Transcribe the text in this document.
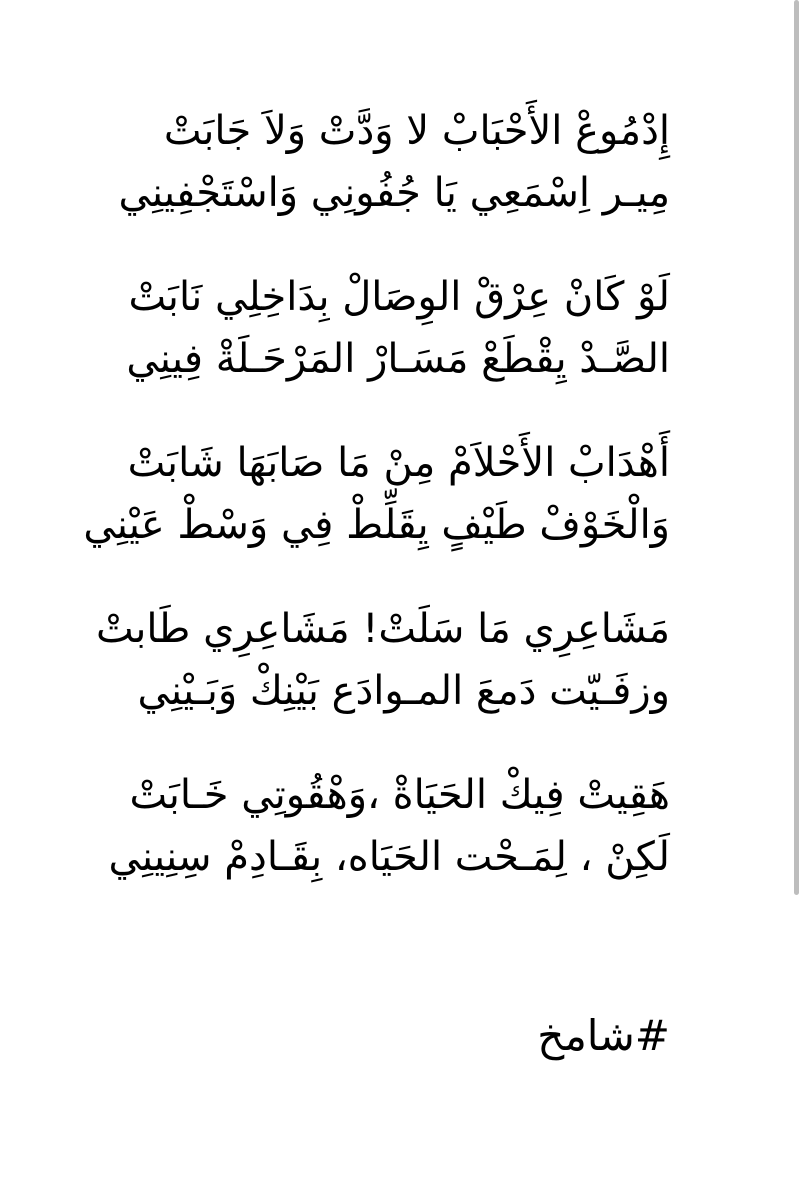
إِدْمُوعْ الأَحْبَابْ لا وَدَّتْ وَلاَ جَابَتْ
مِيـر اِسْمَعِي يَا جُفُونِي وَاسْتَجْفِينِي
لَوْ كَانْ عِرْقْ الوِصَالْ بِدَاخِلِي نَابَتْ
الصَّـدْ يِقْطَعْ مَسَـارْ المَرْحَـلَةْ فِينِي
أَهْدَابْ الأَحْلاَمْ مِنْ مَا صَابَهَا شَابَتْ
وَالْخَوْفْ طَيْفٍ يِقَلِّطْ فِي وَسْطْ عَيْنِي
مَشَاعِرِي مَا سَلَتْ! مَشَاعِرِي طَابتْ
وزفَـيّت دَمعَ المـوادَع بَيْنِكْ وَبَـيْنِي
هَقِيتْ فِيكْ الحَيَاةْ ،وَهْقُوتِي خَـابَتْ
لَكِنْ ، لِمَـحْت الحَيَاه، بِقَـادِمْ سِنِينِي
#شامخ
